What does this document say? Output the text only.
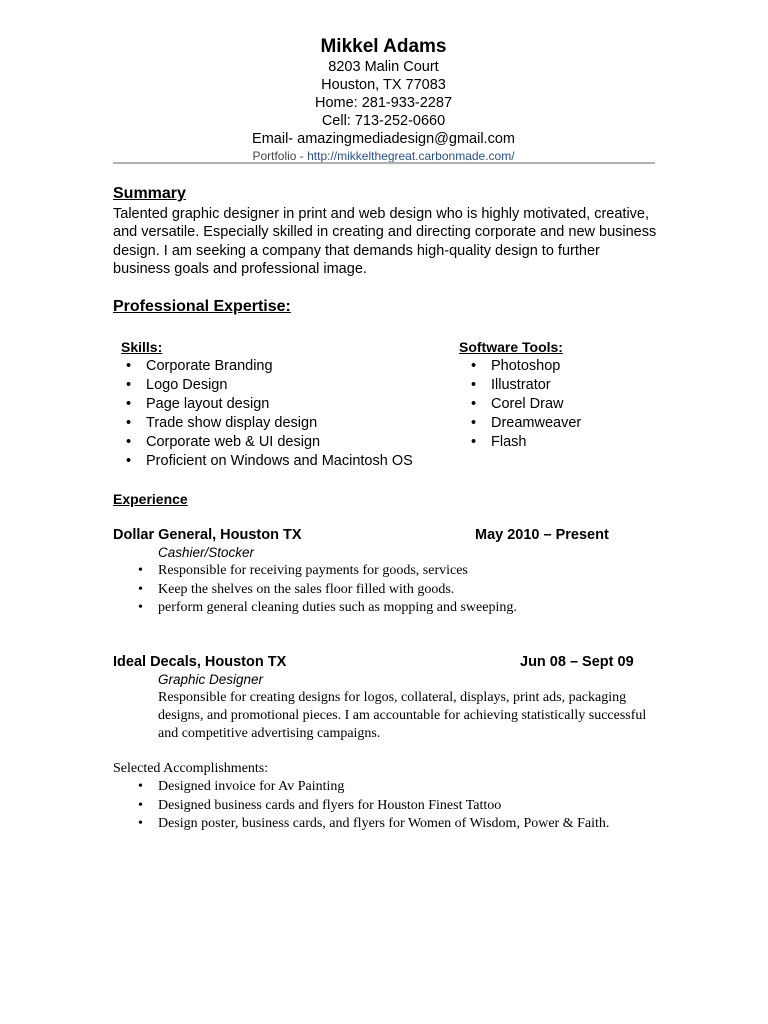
Mikkel Adams
8203 Malin Court
Houston, TX 77083
Home: 281-933-2287
Cell: 713-252-0660
Email- amazingmediadesign@gmail.com
Portfolio - http://mikkelthegreat.carbonmade.com/
Summary
Talented graphic designer in print and web design who is highly motivated, creative, and versatile. Especially skilled in creating and directing corporate and new business design. I am seeking a company that demands high-quality design to further business goals and professional image.
Professional Expertise:
Skills:
• Corporate Branding
• Logo Design
• Page layout design
• Trade show display design
• Corporate web & UI design
• Proficient on Windows and Macintosh OS
Software Tools:
• Photoshop
• Illustrator
• Corel Draw
• Dreamweaver
• Flash
Experience
Dollar General, Houston TX	May 2010 – Present
Cashier/Stocker
• Responsible for receiving payments for goods, services
• Keep the shelves on the sales floor filled with goods.
• perform general cleaning duties such as mopping and sweeping.
Ideal Decals, Houston TX	Jun 08 – Sept 09
Graphic Designer
Responsible for creating designs for logos, collateral, displays, print ads, packaging designs, and promotional pieces. I am accountable for achieving statistically successful and competitive advertising campaigns.
Selected Accomplishments:
• Designed invoice for Av Painting
• Designed business cards and flyers for Houston Finest Tattoo
• Design poster, business cards, and flyers for Women of Wisdom, Power & Faith.
